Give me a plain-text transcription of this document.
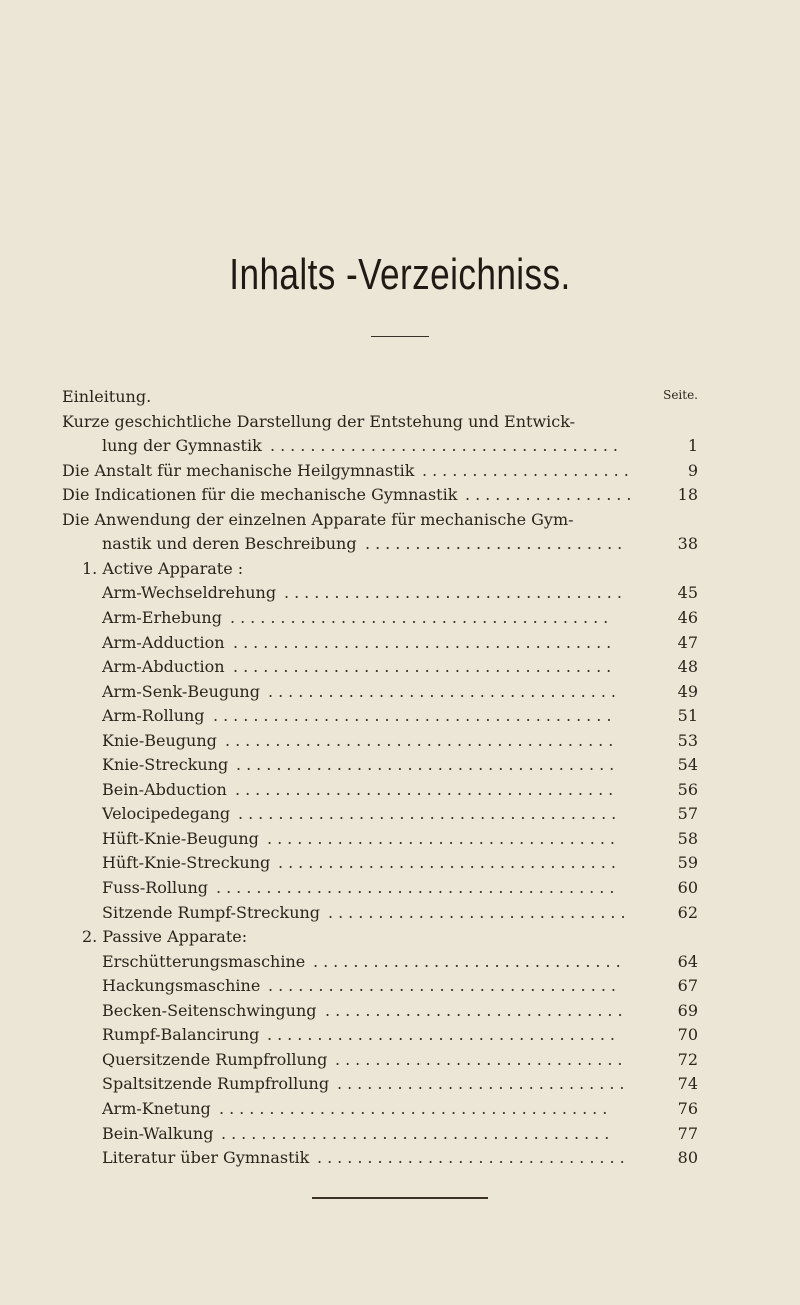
Inhalts -Verzeichniss.
Seite.
Einleitung.
Kurze geschichtliche Darstellung der Entstehung und Entwick-
lung der Gymnastik ...................................	1
Die Anstalt für mechanische Heilgymnastik .....................	9
Die Indicationen für die mechanische Gymnastik .................	18
Die Anwendung der einzelnen Apparate für mechanische Gym-
nastik und deren Beschreibung ..........................	38
1. Active Apparate :
Arm-Wechseldrehung ..................................	45
Arm-Erhebung ......................................	46
Arm-Adduction ......................................	47
Arm-Abduction ......................................	48
Arm-Senk-Beugung ...................................	49
Arm-Rollung ........................................	51
Knie-Beugung .......................................	53
Knie-Streckung ......................................	54
Bein-Abduction ......................................	56
Velocipedegang ......................................	57
Hüft-Knie-Beugung ...................................	58
Hüft-Knie-Streckung ..................................	59
Fuss-Rollung ........................................	60
Sitzende Rumpf-Streckung ..............................	62
2. Passive Apparate:
Erschütterungsmaschine ...............................	64
Hackungsmaschine ...................................	67
Becken-Seitenschwingung ..............................	69
Rumpf-Balancirung ...................................	70
Quersitzende Rumpfrollung .............................	72
Spaltsitzende Rumpfrollung .............................	74
Arm-Knetung .......................................	76
Bein-Walkung .......................................	77
Literatur über Gymnastik ...............................	80
